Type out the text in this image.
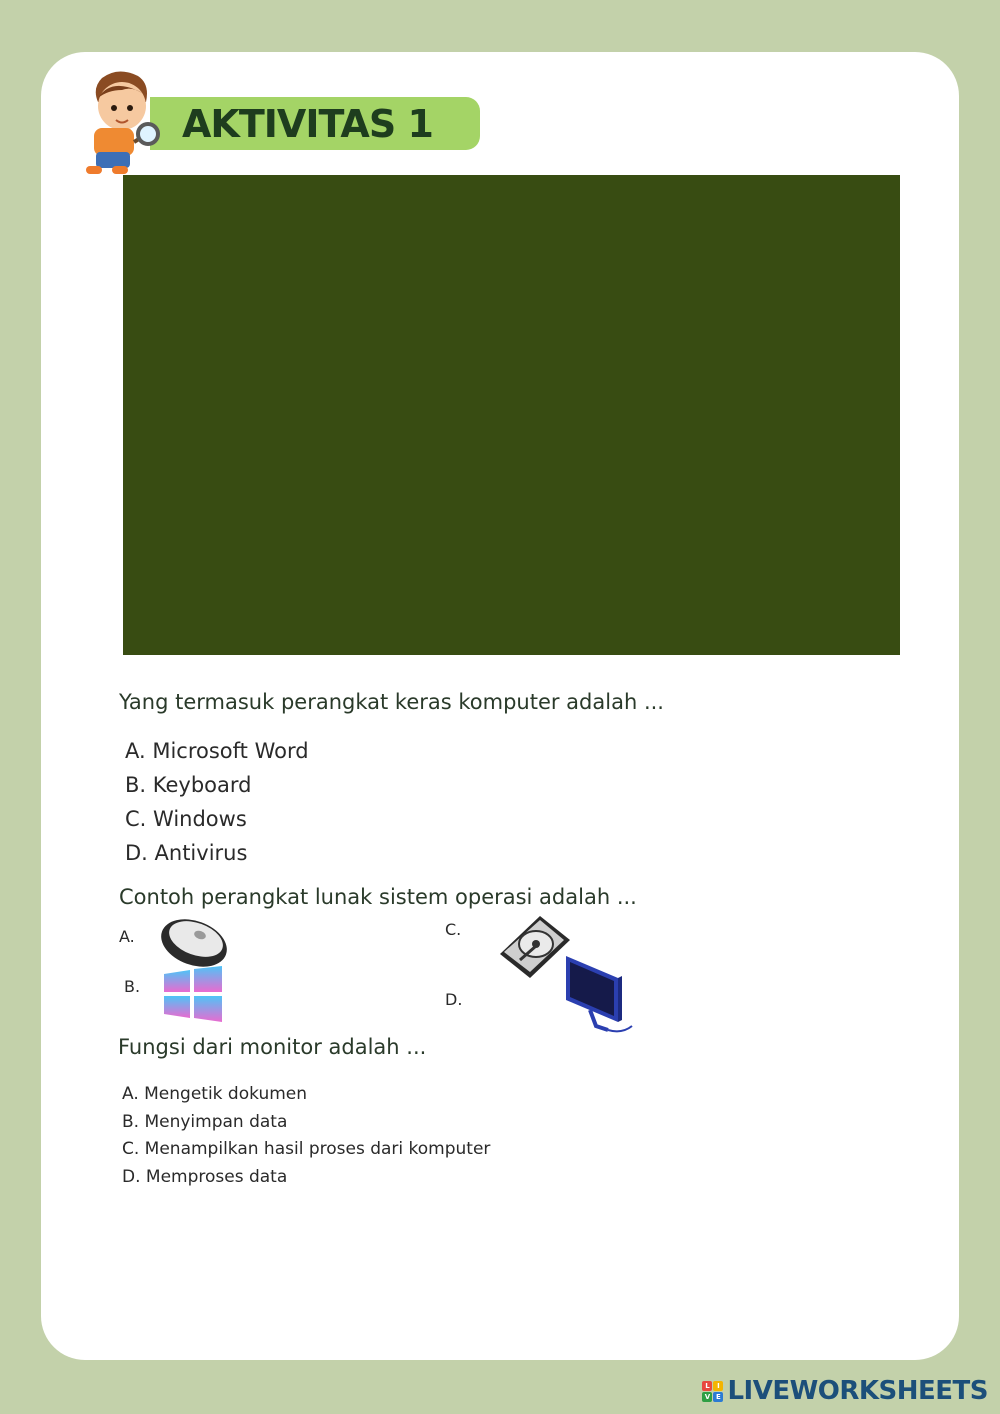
AKTIVITAS 1
Yang termasuk perangkat keras komputer adalah ...
A. Microsoft Word
B. Keyboard
C. Windows
D. Antivirus
Contoh perangkat lunak sistem operasi adalah ...
A.
B.
C.
D.
Fungsi dari monitor adalah ...
A. Mengetik dokumen
B. Menyimpan data
C. Menampilkan hasil proses dari komputer
D. Memproses data
L	I
V E LIVEWORKSHEETS
